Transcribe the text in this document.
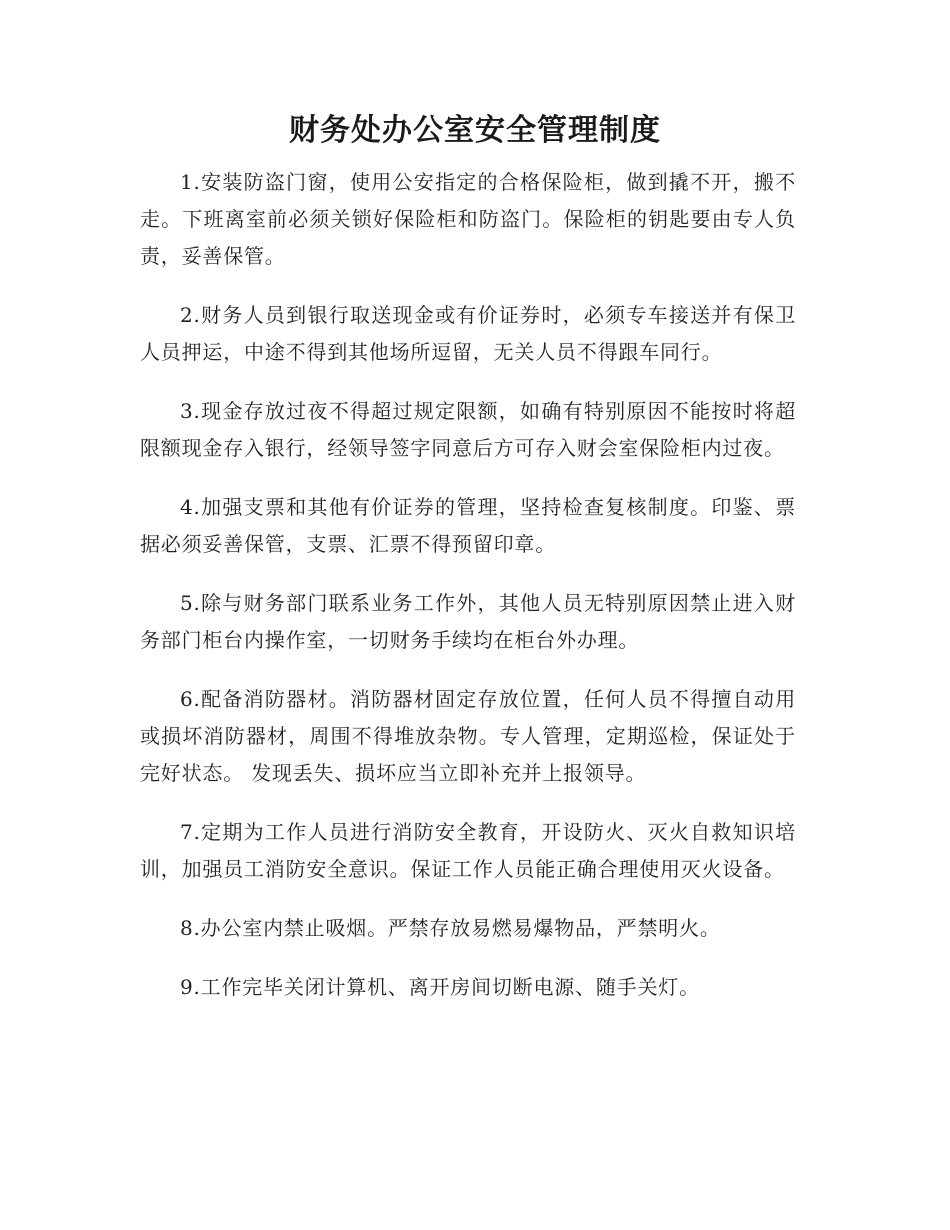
财务处办公室安全管理制度

1.安装防盗门窗，使用公安指定的合格保险柜，做到撬不开，搬不走。下班离室前必须关锁好保险柜和防盗门。保险柜的钥匙要由专人负责，妥善保管。

2.财务人员到银行取送现金或有价证券时，必须专车接送并有保卫人员押运，中途不得到其他场所逗留，无关人员不得跟车同行。

3.现金存放过夜不得超过规定限额，如确有特别原因不能按时将超限额现金存入银行，经领导签字同意后方可存入财会室保险柜内过夜。

4.加强支票和其他有价证券的管理，坚持检查复核制度。印鉴、票据必须妥善保管，支票、汇票不得预留印章。

5.除与财务部门联系业务工作外，其他人员无特别原因禁止进入财务部门柜台内操作室，一切财务手续均在柜台外办理。

6.配备消防器材。消防器材固定存放位置，任何人员不得擅自动用或损坏消防器材，周围不得堆放杂物。专人管理，定期巡检，保证处于完好状态。 发现丢失、损坏应当立即补充并上报领导。

7.定期为工作人员进行消防安全教育，开设防火、灭火自救知识培训，加强员工消防安全意识。保证工作人员能正确合理使用灭火设备。

8.办公室内禁止吸烟。严禁存放易燃易爆物品，严禁明火。

9.工作完毕关闭计算机、离开房间切断电源、随手关灯。
